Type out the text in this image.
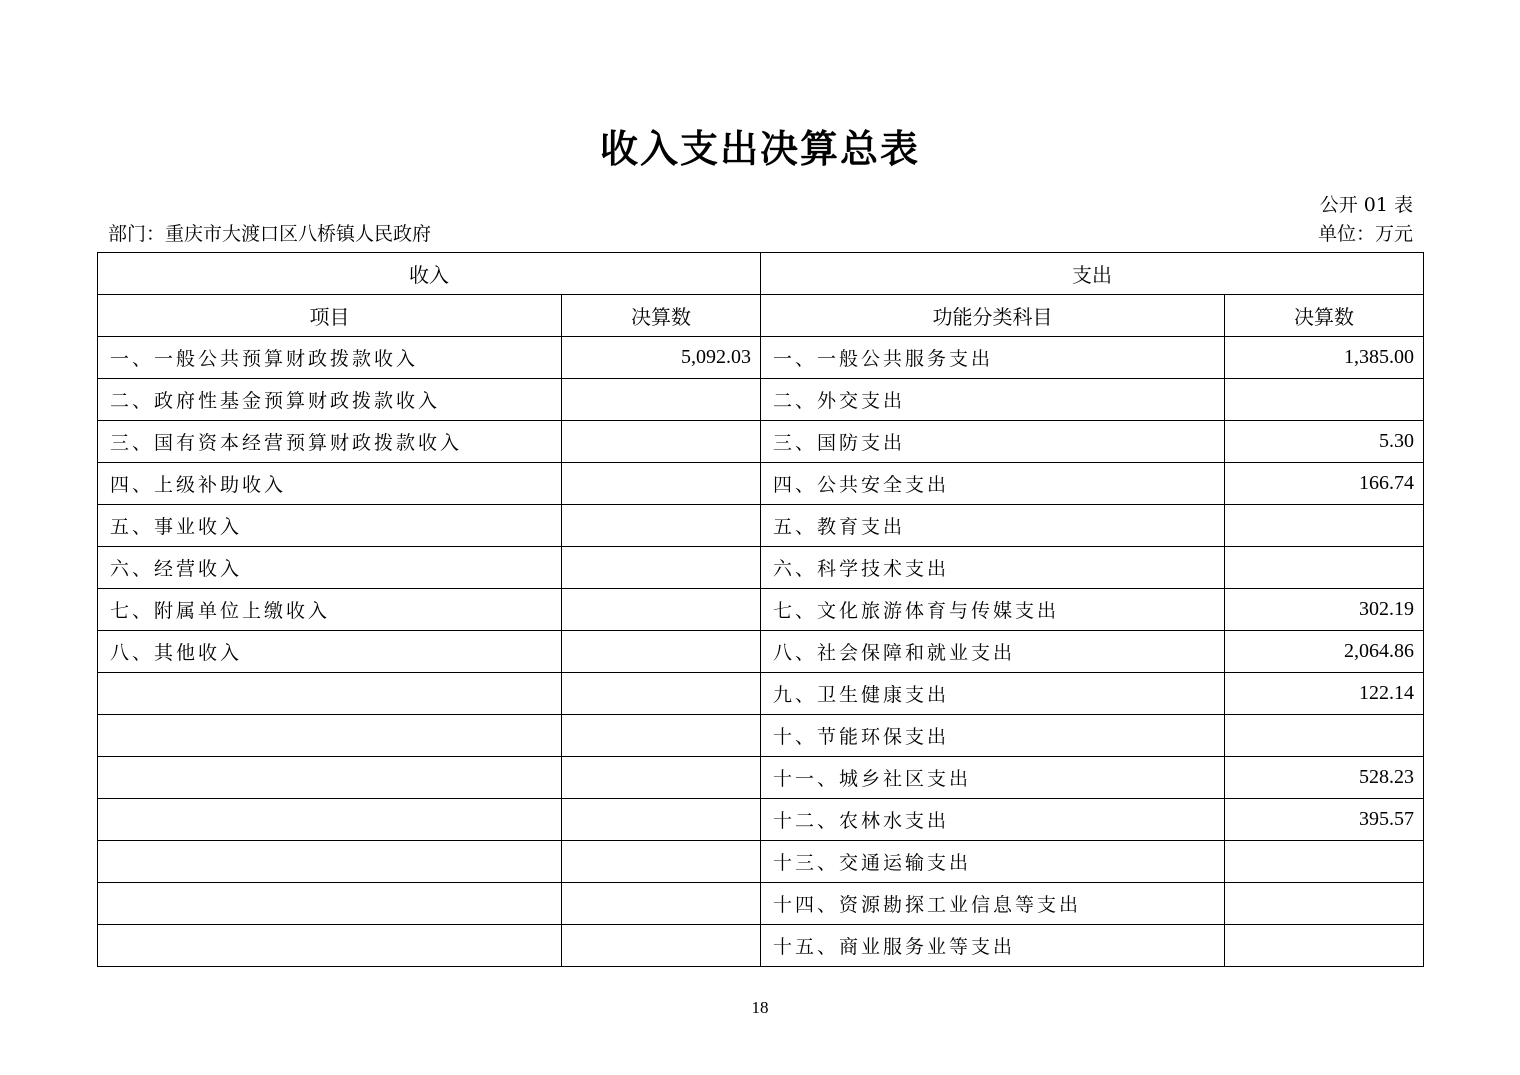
收入支出决算总表
公开 01 表
部门：重庆市大渡口区八桥镇人民政府	单位：万元
收入		支出	
项目	决算数	功能分类科目	决算数
一、一般公共预算财政拨款收入	5,092.03	一、一般公共服务支出	1,385.00
二、政府性基金预算财政拨款收入		二、外交支出	
三、国有资本经营预算财政拨款收入		三、国防支出	5.30
四、上级补助收入		四、公共安全支出	166.74
五、事业收入		五、教育支出	
六、经营收入		六、科学技术支出	
七、附属单位上缴收入		七、文化旅游体育与传媒支出	302.19
八、其他收入		八、社会保障和就业支出	2,064.86
		九、卫生健康支出	122.14
		十、节能环保支出	
		十一、城乡社区支出	528.23
		十二、农林水支出	395.57
		十三、交通运输支出	
		十四、资源勘探工业信息等支出	
		十五、商业服务业等支出	
18
